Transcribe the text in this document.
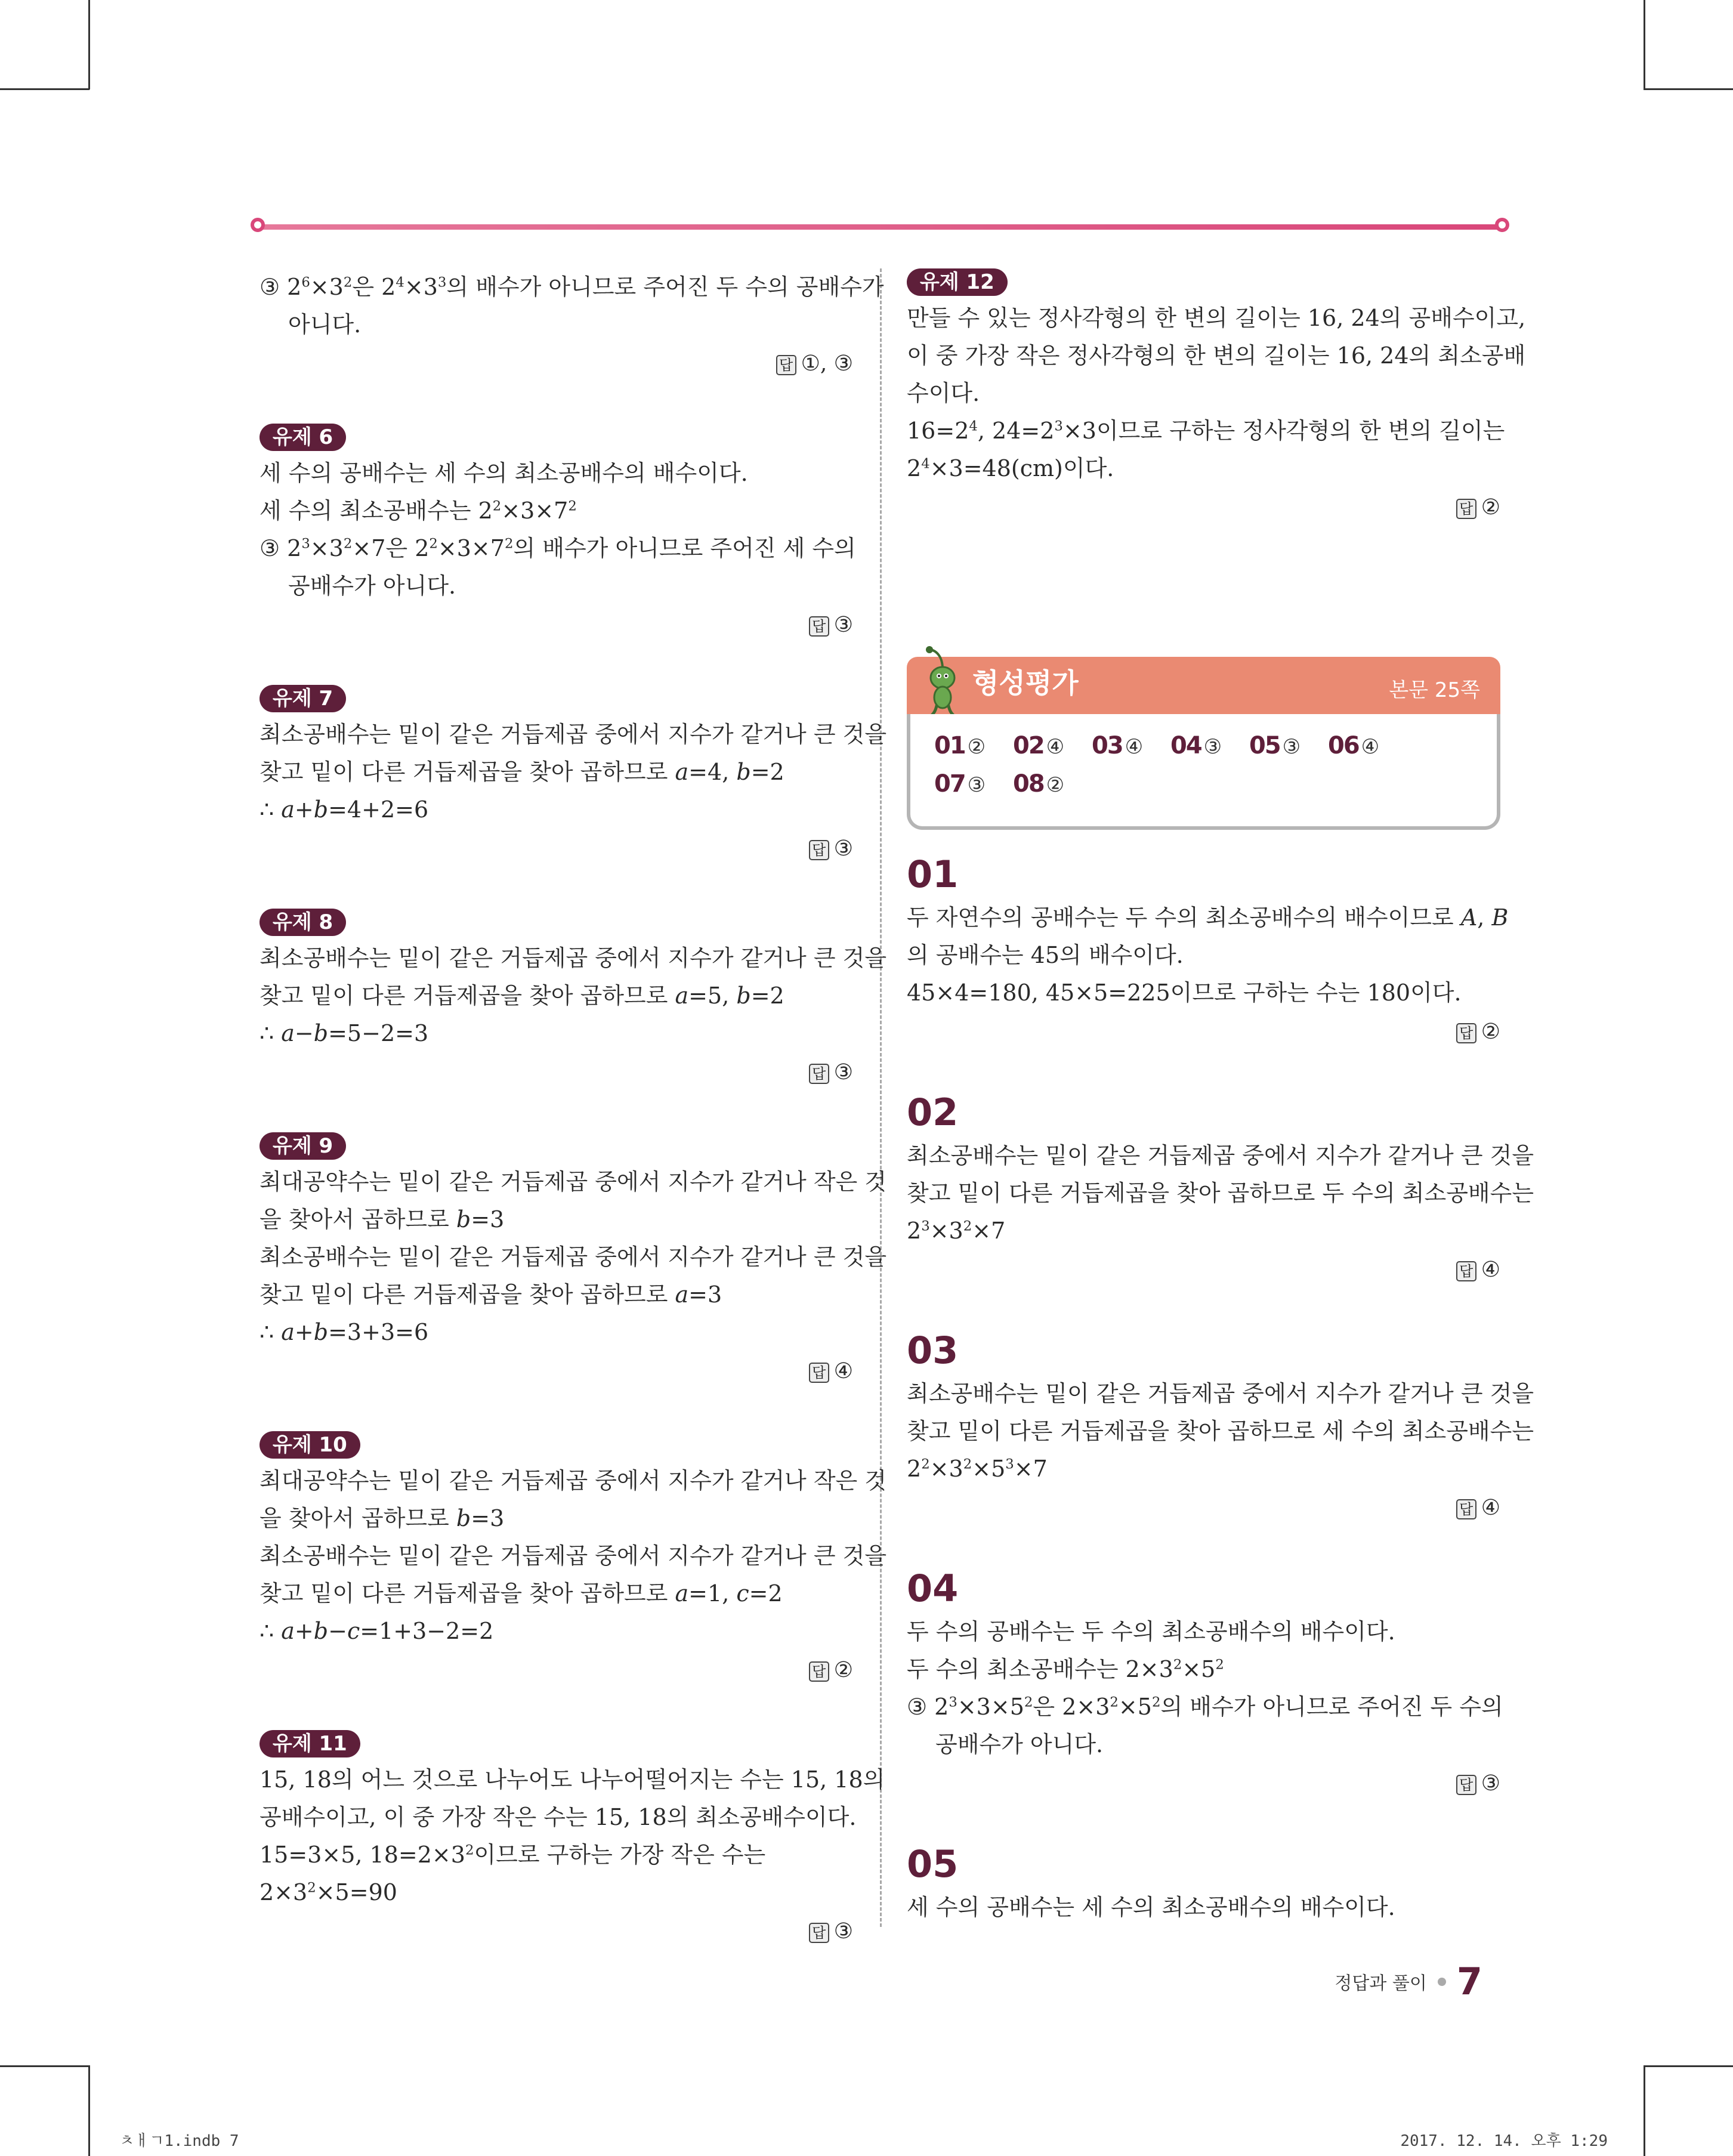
③ $2^6\times 3^2$은 $2^4\times 3^3$의 배수가 아니므로 주어진 두 수의 공배수가
아니다.
답 ①, ③
유제 6
세 수의 공배수는 세 수의 최소공배수의 배수이다.
세 수의 최소공배수는 $2^2\times 3\times 7^2$
③ $2^3\times 3^2\times 7$은 $2^2\times 3\times 7^2$의 배수가 아니므로 주어진 세 수의
공배수가 아니다.
답 ③
유제 7
최소공배수는 밑이 같은 거듭제곱 중에서 지수가 같거나 큰 것을
찾고 밑이 다른 거듭제곱을 찾아 곱하므로 a=4, b=2
∴ a+b=4+2=6
답 ③
유제 8
최소공배수는 밑이 같은 거듭제곱 중에서 지수가 같거나 큰 것을
찾고 밑이 다른 거듭제곱을 찾아 곱하므로 a=5, b=2
∴ a−b=5−2=3
답 ③
유제 9
최대공약수는 밑이 같은 거듭제곱 중에서 지수가 같거나 작은 것
을 찾아서 곱하므로 b=3
최소공배수는 밑이 같은 거듭제곱 중에서 지수가 같거나 큰 것을
찾고 밑이 다른 거듭제곱을 찾아 곱하므로 a=3
∴ a+b=3+3=6
답 ④
유제 10
최대공약수는 밑이 같은 거듭제곱 중에서 지수가 같거나 작은 것
을 찾아서 곱하므로 b=3
최소공배수는 밑이 같은 거듭제곱 중에서 지수가 같거나 큰 것을
찾고 밑이 다른 거듭제곱을 찾아 곱하므로 a=1, c=2
∴ a+b−c=1+3−2=2
답 ②
유제 11
15, 18의 어느 것으로 나누어도 나누어떨어지는 수는 15, 18의
공배수이고, 이 중 가장 작은 수는 15, 18의 최소공배수이다.
15=3×5, $18=2\times 3^2$이므로 구하는 가장 작은 수는
$2\times 3^2\times 5=90$
답 ③
유제 12
만들 수 있는 정사각형의 한 변의 길이는 16, 24의 공배수이고,
이 중 가장 작은 정사각형의 한 변의 길이는 16, 24의 최소공배
수이다.
$16=2^4$, $24=2^3\times 3$이므로 구하는 정사각형의 한 변의 길이는
$2^4\times 3=48(cm)$이다.
답 ②
형성평가	본문 25쪽
01 ② 02 ④ 03 ④ 04 ③ 05 ③ 06 ④07 ③ 08 ②
01
두 자연수의 공배수는 두 수의 최소공배수의 배수이므로 A, B
의 공배수는 45의 배수이다.
45×4=180, 45×5=225이므로 구하는 수는 180이다.
답 ②
02
최소공배수는 밑이 같은 거듭제곱 중에서 지수가 같거나 큰 것을
찾고 밑이 다른 거듭제곱을 찾아 곱하므로 두 수의 최소공배수는
$2^3\times 3^2\times 7$
답 ④
03
최소공배수는 밑이 같은 거듭제곱 중에서 지수가 같거나 큰 것을
찾고 밑이 다른 거듭제곱을 찾아 곱하므로 세 수의 최소공배수는
$2^2\times 3^2\times 5^3\times 7$
답 ④
04
두 수의 공배수는 두 수의 최소공배수의 배수이다.
두 수의 최소공배수는 $2\times 3^2\times 5^2$
③ $2^3\times 3\times 5^2$은 $2\times 3^2\times 5^2$의 배수가 아니므로 주어진 두 수의
공배수가 아니다.
답 ③
05
세 수의 공배수는 세 수의 최소공배수의 배수이다.
정답과 풀이 7
ㅊㅐㄱ1.indb 7	2017. 12. 14. 오후 1:29
